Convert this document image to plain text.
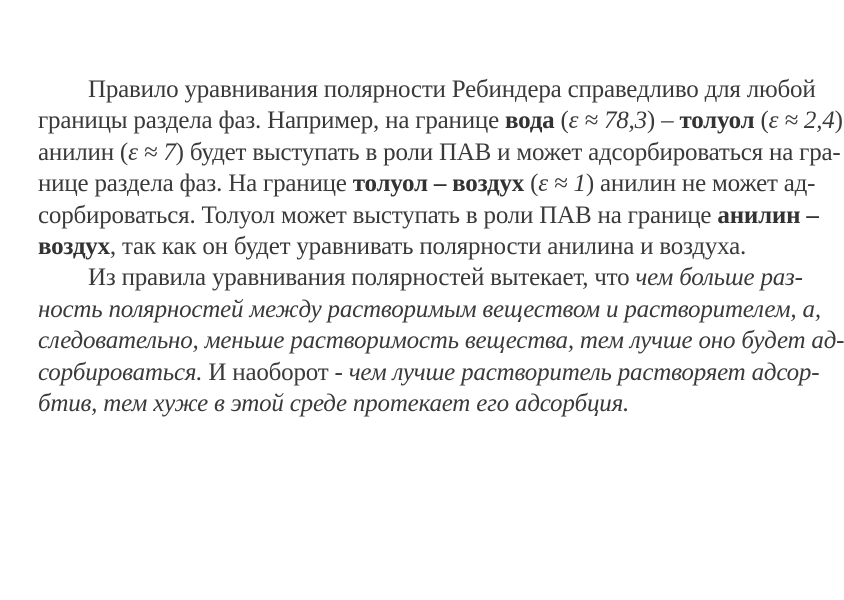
Правило уравнивания полярности Ребиндера справедливо для любой
границы раздела фаз. Например, на границе вода (ε ≈ 78,3) – толуол (ε ≈ 2,4)
анилин (ε ≈ 7) будет выступать в роли ПАВ и может адсорбироваться на гра-
нице раздела фаз. На границе толуол – воздух (ε ≈ 1) анилин не может ад-
сорбироваться. Толуол может выступать в роли ПАВ на границе анилин –
воздух, так как он будет уравнивать полярности анилина и воздуха.
Из правила уравнивания полярностей вытекает, что чем больше раз-
ность полярностей между растворимым веществом и растворителем, а,
следовательно, меньше растворимость вещества, тем лучше оно будет ад-
сорбироваться. И наоборот - чем лучше растворитель растворяет адсор-
бтив, тем хуже в этой среде протекает его адсорбция.
